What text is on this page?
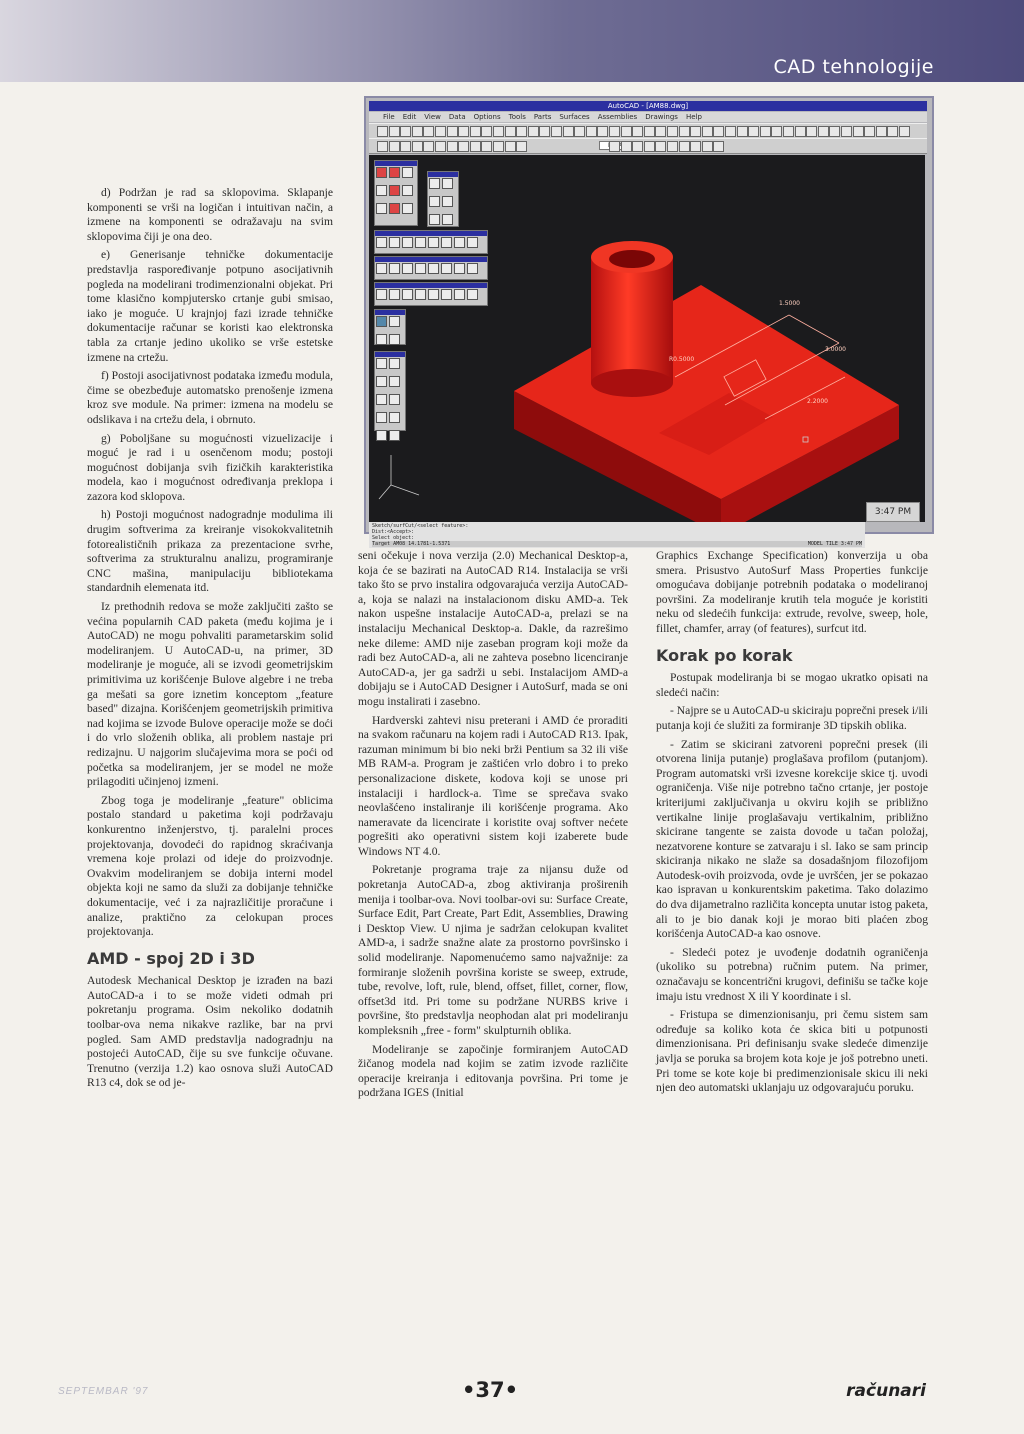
CAD tehnologije
AutoCAD - [AM88.dwg]
File Edit View Data Options Tools Parts Surfaces Assemblies Drawings Help
R0.5000
3.0000
2.2000
1.5000

Sketch/surfCut/<select feature>:
Dist:<Accept>:
Select object:
Target AM08 14.1781-1.5371	MODEL TILE 3:47 PM
3:47 PM

d) Podržan je rad sa sklopovima. Sklapanje komponenti se vrši na logičan i intuitivan način, a izmene na komponenti se odražavaju na svim sklopovima čiji je ona deo.

e) Generisanje tehničke dokumentacije predstavlja raspoređivanje potpuno asocijativnih pogleda na modeliranі trodimenzionalni objekat. Pri tome klasično kompjutersko crtanje gubi smisao, iako je moguće. U krajnjoj fazi izrade tehničke dokumentacije računar se koristi kao elektronska tabla za crtanje jedino ukoliko se vrše estetske izmene na crtežu.

f) Postoji asocijativnost podataka između modula, čime se obezbeđuje automatsko prenošenje izmena kroz sve module. Na primer: izmena na modelu se odslikava i na crtežu dela, i obrnuto.

g) Poboljšane su mogućnosti vizuelizacije i moguć je rad i u osenčenom modu; postoji mogućnost dobijanja svih fizičkih karakteristika modela, kao i mogućnost određivanja preklopa i zazora kod sklopova.

h) Postoji mogućnost nadogradnje modulima ili drugim softverima za kreiranje visokokvalitetnih fotorealističnih prikaza za prezentacione svrhe, softverima za strukturalnu analizu, programiranje CNC mašina, manipulaciju bibliotekama standardnih elemenata itd.

Iz prethodnih redova se može zaključiti zašto se većina popularnih CAD paketa (među kojima je i AutoCAD) ne mogu pohvaliti parametarskim solid modeliranjem. U AutoCAD-u, na primer, 3D modeliranje je moguće, ali se izvodi geometrijskim primitivima uz korišćenje Bulove algebre i ne treba ga mešati sa gore iznetim konceptom „feature based" dizajna. Korišćenjem geometrijskih primitiva nad kojima se izvode Bulove operacije može se doći i do vrlo složenih oblika, ali problem nastaje pri redizajnu. U najgorim slučajevima mora se poći od početka sa modeliranjem, jer se model ne može prilagoditi učinjenoj izmeni.

Zbog toga je modeliranje „feature" oblicima postalo standard u paketima koji podržavaju konkurentno inženjerstvo, tj. paralelni proces projektovanja, dovodeći do rapidnog skraćivanja vremena koje prolazi od ideje do proizvodnje. Ovakvim modeliranjem se dobija interni model objekta koji ne samo da služi za dobijanje tehničke dokumentacije, već i za najrazličitije proračune i analize, praktično za celokupan proces projektovanja.

AMD - spoj 2D i 3D

Autodesk Mechanical Desktop je izrađen na bazi AutoCAD-a i to se može videti odmah pri pokretanju programa. Osim nekoliko dodatnih toolbar-ova nema nikakve razlike, bar na prvi pogled. Sam AMD predstavlja nadogradnju na postojeći AutoCAD, čije su sve funkcije očuvane. Trenutno (verzija 1.2) kao osnova služi AutoCAD R13 c4, dok se od je-

seni očekuje i nova verzija (2.0) Mechanical Desktop-a, koja će se bazirati na AutoCAD R14. Instalacija se vrši tako što se prvo instalira odgovarajuća verzija AutoCAD-a, koja se nalazi na instalacionom disku AMD-a. Tek nakon uspešne instalacije AutoCAD-a, prelazi se na instalaciju Mechanical Desktop-a. Dakle, da razrešimo neke dileme: AMD nije zaseban program koji može da radi bez AutoCAD-a, ali ne zahteva posebno licenciranje AutoCAD-a, jer ga sadrži u sebi. Instalacijom AMD-a dobijaju se i AutoCAD Designer i AutoSurf, mada se oni mogu instalirati i zasebno.

Hardverski zahtevi nisu preterani i AMD će proraditi na svakom računaru na kojem radi i AutoCAD R13. Ipak, razuman minimum bi bio neki brži Pentium sa 32 ili više MB RAM-a. Program je zaštićen vrlo dobro i to preko personalizacione diskete, kodova koji se unose pri instalaciji i hardlock-a. Time se sprečava svako neovlašćeno instaliranje ili korišćenje programa. Ako nameravate da licencirate i koristite ovaj softver nećete pogrešiti ako operativni sistem koji izaberete bude Windows NT 4.0.

Pokretanje programa traje za nijansu duže od pokretanja AutoCAD-a, zbog aktiviranja proširenih menija i toolbar-ova. Novi toolbar-ovi su: Surface Create, Surface Edit, Part Create, Part Edit, Assemblies, Drawing i Desktop View. U njima je sadržan celokupan kvalitet AMD-a, i sadrže snažne alate za prostorno površinsko i solid modeliranje. Napomenućemo samo najvažnije: za formiranje složenih površina koriste se sweep, extrude, tube, revolve, loft, rule, blend, offset, fillet, corner, flow, offset3d itd. Pri tome su podržane NURBS krive i površine, što predstavlja neophodan alat pri modeliranju kompleksnih „free - form" skulpturnih oblika.

Modeliranje se započinje formiranjem AutoCAD žičanog modela nad kojim se zatim izvode različite operacije kreiranja i editovanja površina. Pri tome je podržana IGES (Initial

Graphics Exchange Specification) konverzija u oba smera. Prisustvo AutoSurf Mass Properties funkcije omogućava dobijanje potrebnih podataka o modeliranoj površini. Za modeliranje krutih tela moguće je koristiti neku od sledećih funkcija: extrude, revolve, sweep, hole, fillet, chamfer, array (of features), surfcut itd.

Korak po korak

Postupak modeliranja bi se mogao ukratko opisati na sledeći način:

- Najpre se u AutoCAD-u skiciraju poprečni presek i/ili putanja koji će služiti za formiranje 3D tipskih oblika.

- Zatim se skicirani zatvoreni poprečni presek (ili otvorena linija putanje) proglašava profilom (putanjom). Program automatski vrši izvesne korekcije skice tj. uvodi ograničenja. Više nije potrebno tačno crtanje, jer postoje kriterijumi zaključivanja u okviru kojih se približno vertikalne linije proglašavaju vertikalnim, približno skicirane tangente se zaista dovode u tačan položaj, nezatvorene konture se zatvaraju i sl. Iako se sam princip skiciranja nikako ne slaže sa dosadašnjom filozofijom Autodesk-ovih proizvoda, ovde je uvršćen, jer se pokazao kao ispravan u konkurentskim paketima. Tako dolazimo do dva dijametralno različita koncepta unutar istog paketa, ali to je bio danak koji je morao biti plaćen zbog korišćenja AutoCAD-a kao osnove.

- Sledeći potez je uvođenje dodatnih ograničenja (ukoliko su potrebna) ručnim putem. Na primer, označavaju se koncentrični krugovi, definišu se tačke koje imaju istu vrednost X ili Y koordinate i sl.

- Fristupa se dimenzionisanju, pri čemu sistem sam određuje sa koliko kota će skica biti u potpunosti dimenzionisana. Pri definisanju svake sledeće dimenzije javlja se poruka sa brojem kota koje je još potrebno uneti. Pri tome se kote koje bi predimenzionisale skicu ili neki njen deo automatski uklanjaju uz odgovarajuću poruku.

SEPTEMBAR '97	•37•	računari
